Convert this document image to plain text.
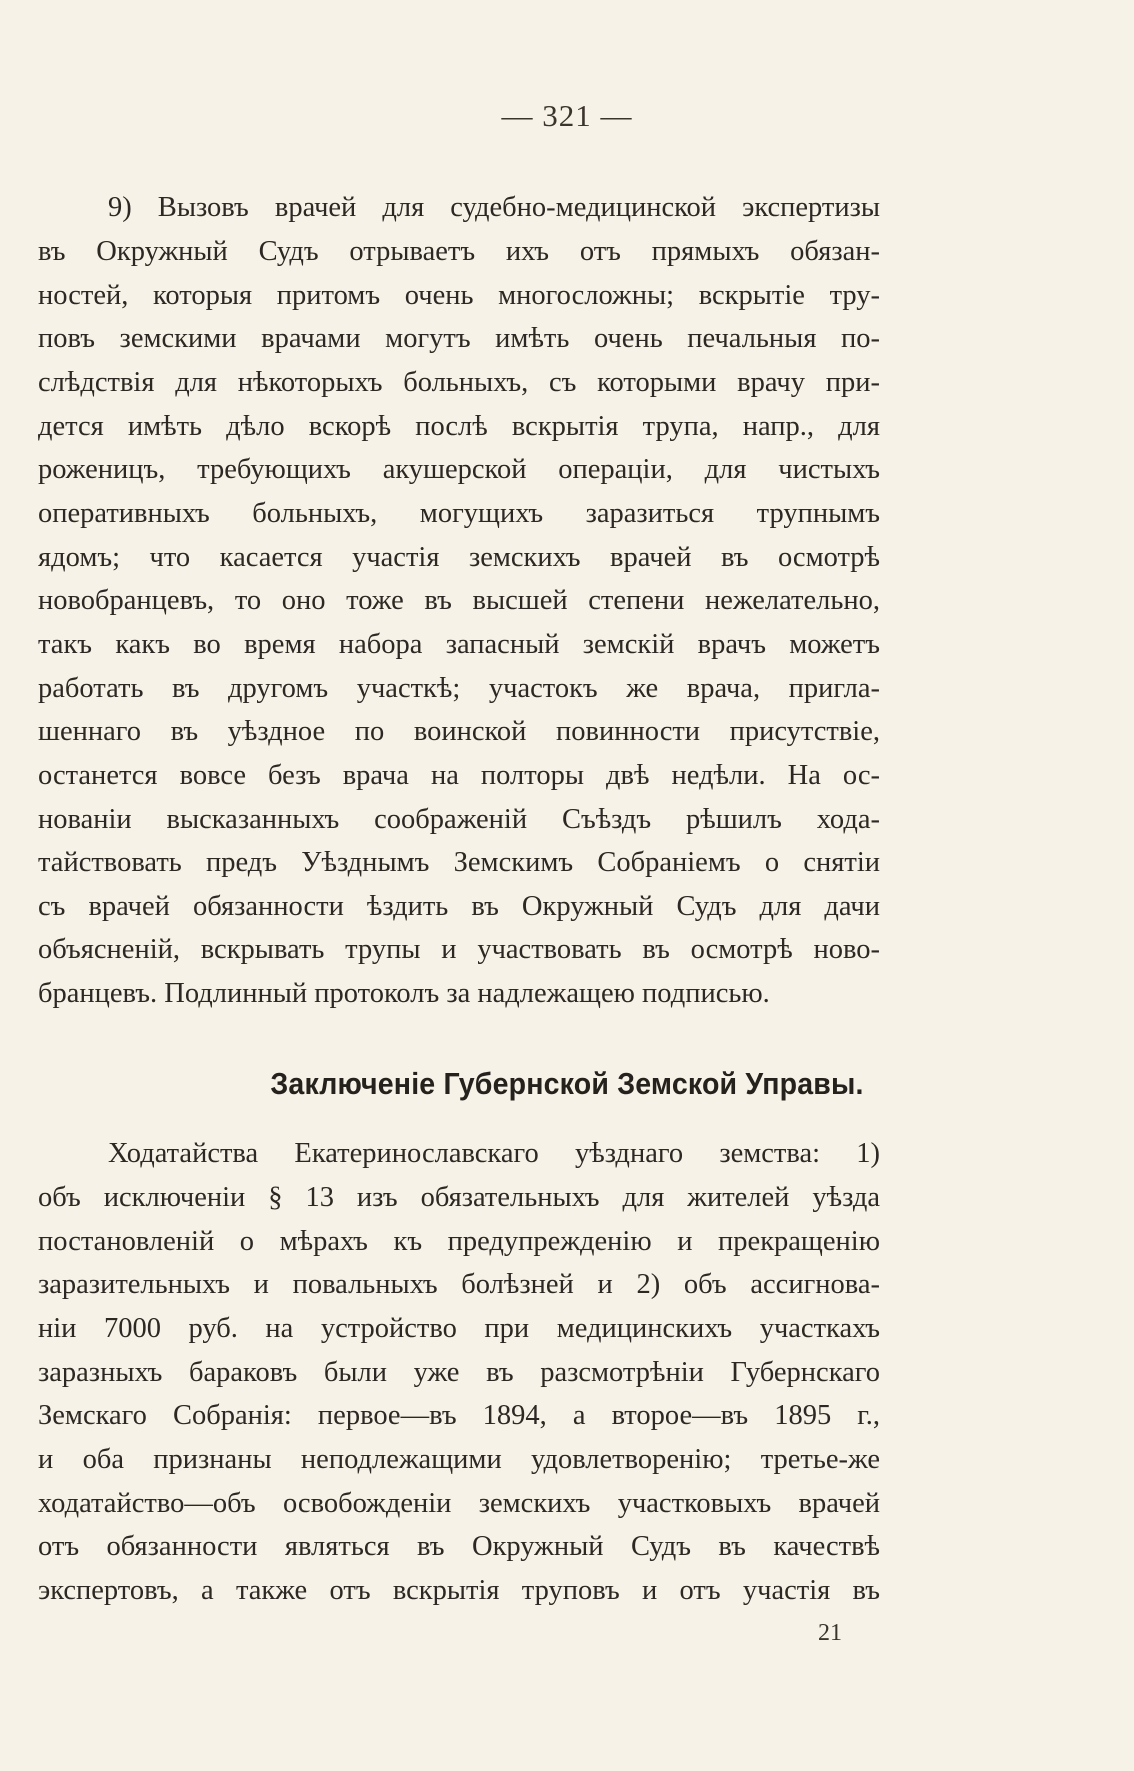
— 321 —
9) Вызовъ врачей для судебно-медицинской экспертизы
въ Окружный Судъ отрываетъ ихъ отъ прямыхъ обязан-
ностей, которыя притомъ очень многосложны; вскрытіе тру-
повъ земскими врачами могутъ имѣть очень печальныя по-
слѣдствія для нѣкоторыхъ больныхъ, съ которыми врачу при-
дется имѣть дѣло вскорѣ послѣ вскрытія трупа, напр., для
роженицъ, требующихъ акушерской операціи, для чистыхъ
оперативныхъ больныхъ, могущихъ заразиться трупнымъ
ядомъ; что касается участія земскихъ врачей въ осмотрѣ
новобранцевъ, то оно тоже въ высшей степени нежелательно,
такъ какъ во время набора запасный земскій врачъ можетъ
работать въ другомъ участкѣ; участокъ же врача, пригла-
шеннаго въ уѣздное по воинской повинности присутствіе,
останется вовсе безъ врача на полторы двѣ недѣли. На ос-
нованіи высказанныхъ соображеній Съѣздъ рѣшилъ хода-
тайствовать предъ Уѣзднымъ Земскимъ Собраніемъ о снятіи
съ врачей обязанности ѣздить въ Окружный Судъ для дачи
объясненій, вскрывать трупы и участвовать въ осмотрѣ ново-
бранцевъ. Подлинный протоколъ за надлежащею подписью.
Заключеніе Губернской Земской Управы.
Ходатайства Екатеринославскаго уѣзднаго земства: 1)
объ исключеніи § 13 изъ обязательныхъ для жителей уѣзда
постановленій о мѣрахъ къ предупрежденію и прекращенію
заразительныхъ и повальныхъ болѣзней и 2) объ ассигнова-
ніи 7000 руб. на устройство при медицинскихъ участкахъ
заразныхъ бараковъ были уже въ разсмотрѣніи Губернскаго
Земскаго Собранія: первое—въ 1894, а второе—въ 1895 г.,
и оба признаны неподлежащими удовлетворенію; третье-же
ходатайство—объ освобожденіи земскихъ участковыхъ врачей
отъ обязанности являться въ Окружный Судъ въ качествѣ
экспертовъ, а также отъ вскрытія труповъ и отъ участія въ
21
